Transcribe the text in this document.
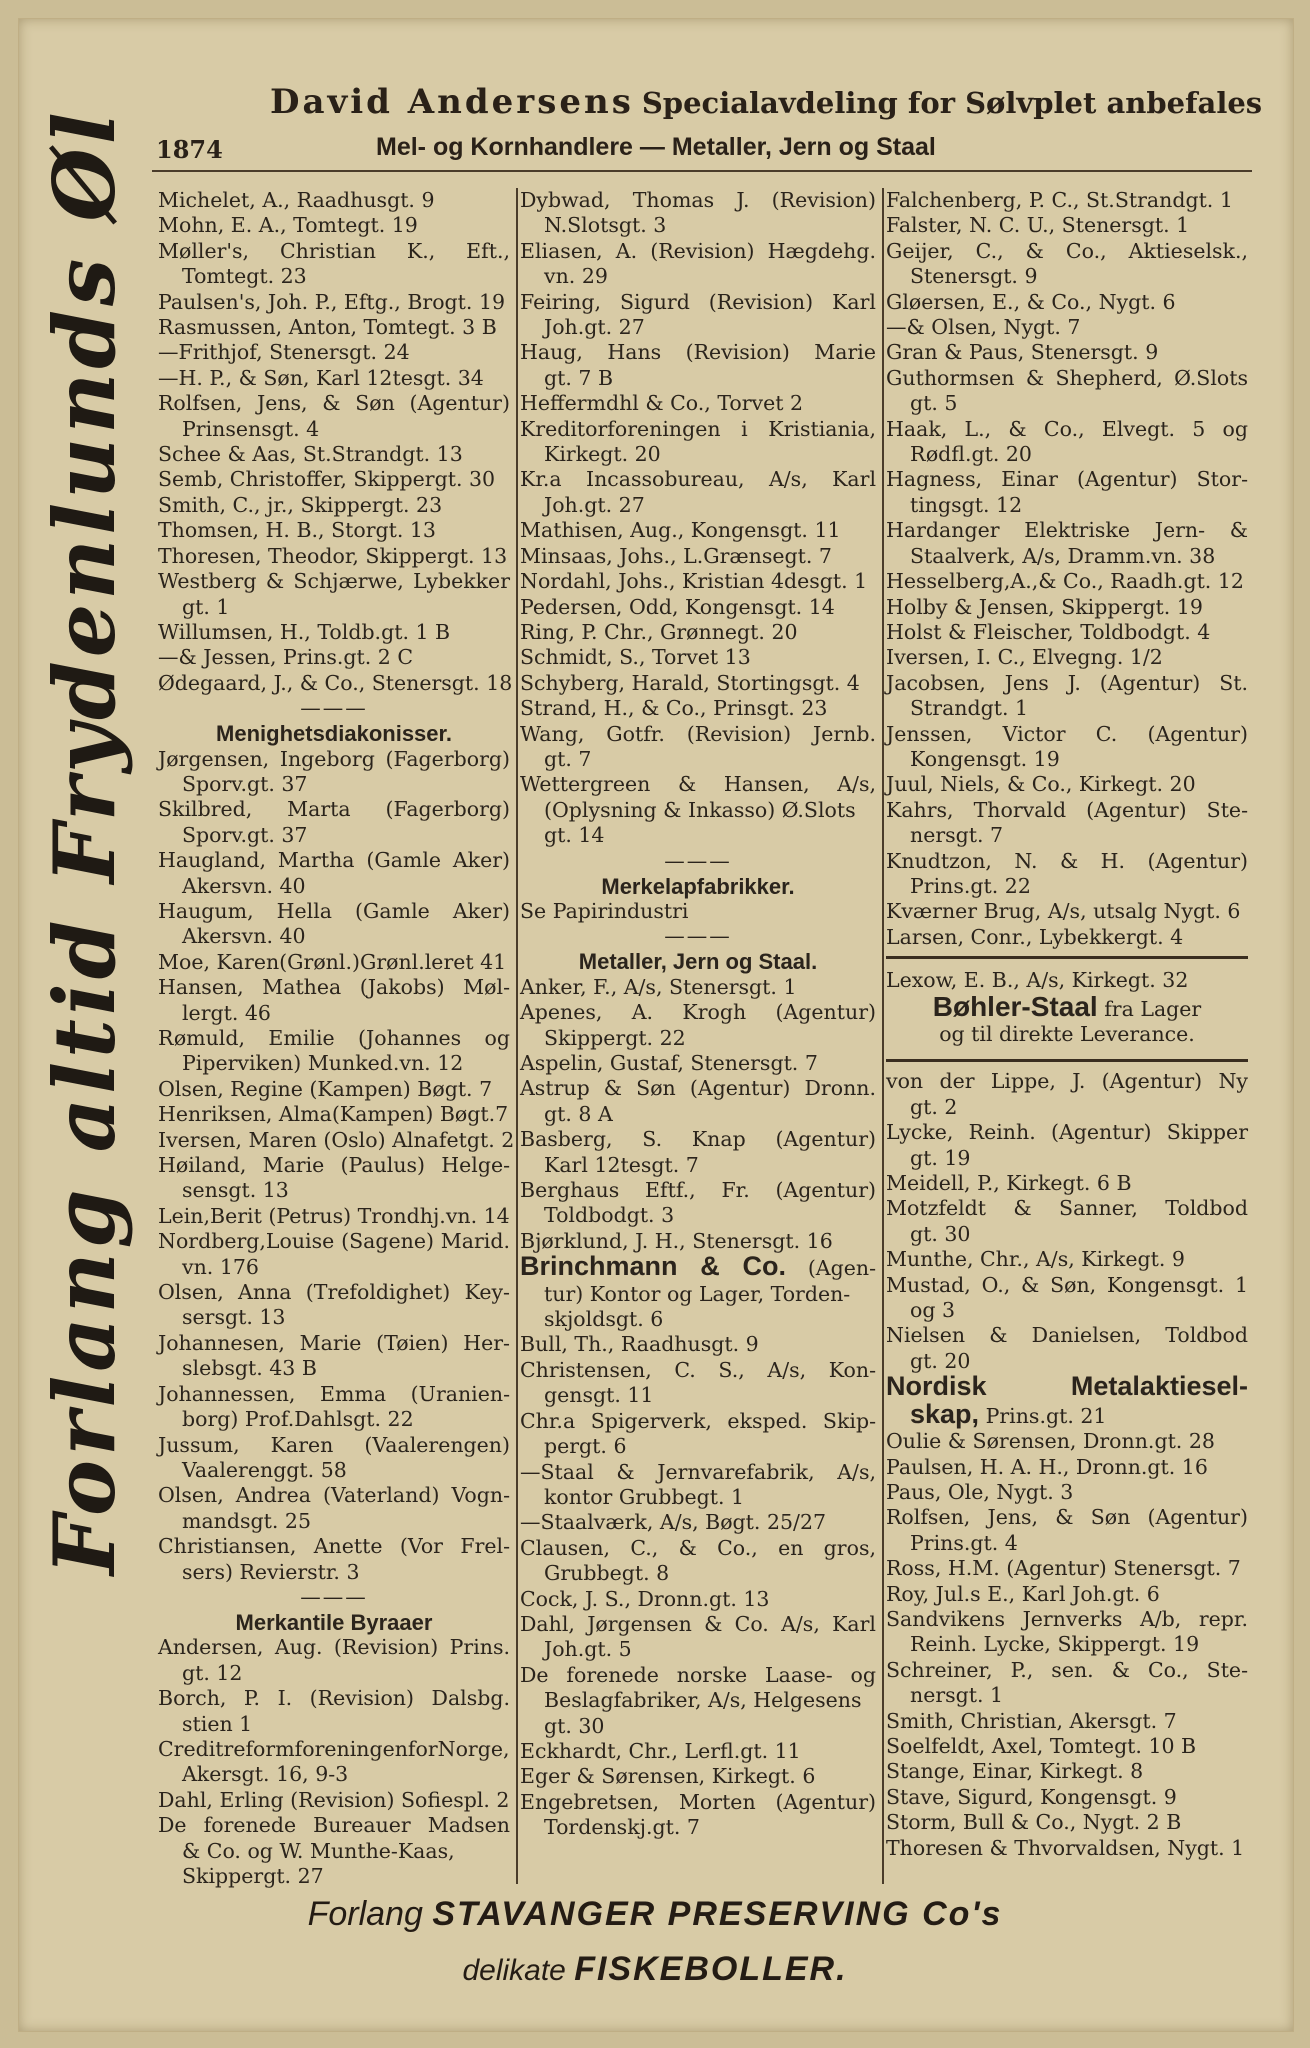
David Andersens Specialavdeling for Sølvplet anbefales
1874	Mel- og Kornhandlere — Metaller, Jern og Staal
Forlang altid Frydenlunds Øl Michelet, A., Raadhusgt. 9
Mohn, E. A., Tomtegt. 19
Møller's, Christian K., Eft.,
Tomtegt. 23
Paulsen's, Joh. P., Eftg., Brogt. 19
Rasmussen, Anton, Tomtegt. 3 B
—Frithjof, Stenersgt. 24
—H. P., & Søn, Karl 12tesgt. 34
Rolfsen, Jens, & Søn (Agentur)
Prinsensgt. 4
Schee & Aas, St.Strandgt. 13
Semb, Christoffer, Skippergt. 30
Smith, C., jr., Skippergt. 23
Thomsen, H. B., Storgt. 13
Thoresen, Theodor, Skippergt. 13
Westberg & Schjærwe, Lybekker
gt. 1
Willumsen, H., Toldb.gt. 1 B
—& Jessen, Prins.gt. 2 C
Ødegaard, J., & Co., Stenersgt. 18
———
Menighetsdiakonisser.
Jørgensen, Ingeborg (Fagerborg)
Sporv.gt. 37
Skilbred, Marta (Fagerborg)
Sporv.gt. 37
Haugland, Martha (Gamle Aker)
Akersvn. 40
Haugum, Hella (Gamle Aker)
Akersvn. 40
Moe, Karen(Grønl.)Grønl.leret 41
Hansen, Mathea (Jakobs) Møl-
lergt. 46
Rømuld, Emilie (Johannes og
Piperviken) Munked.vn. 12
Olsen, Regine (Kampen) Bøgt. 7
Henriksen, Alma(Kampen) Bøgt.7
Iversen, Maren (Oslo) Alnafetgt. 2
Høiland, Marie (Paulus) Helge-
sensgt. 13
Lein,Berit (Petrus) Trondhj.vn. 14
Nordberg,Louise (Sagene) Marid.
vn. 176
Olsen, Anna (Trefoldighet) Key-
sersgt. 13
Johannesen, Marie (Tøien) Her-
slebsgt. 43 B
Johannessen, Emma (Uranien-
borg) Prof.Dahlsgt. 22
Jussum, Karen (Vaalerengen)
Vaalerenggt. 58
Olsen, Andrea (Vaterland) Vogn-
mandsgt. 25
Christiansen, Anette (Vor Frel-
sers) Revierstr. 3
———
Merkantile Byraaer
Andersen, Aug. (Revision) Prins.
gt. 12
Borch, P. I. (Revision) Dalsbg.
stien 1
CreditreformforeningenforNorge,
Akersgt. 16, 9-3
Dahl, Erling (Revision) Sofiespl. 2
De forenede Bureauer Madsen
& Co. og W. Munthe-Kaas,
Skippergt. 27
Dybwad, Thomas J. (Revision)
N.Slotsgt. 3
Eliasen, A. (Revision) Hægdehg.
vn. 29
Feiring, Sigurd (Revision) Karl
Joh.gt. 27
Haug, Hans (Revision) Marie
gt. 7 B
Heffermdhl & Co., Torvet 2
Kreditorforeningen i Kristiania,
Kirkegt. 20
Kr.a Incassobureau, A/s, Karl
Joh.gt. 27
Mathisen, Aug., Kongensgt. 11
Minsaas, Johs., L.Grænsegt. 7
Nordahl, Johs., Kristian 4desgt. 1
Pedersen, Odd, Kongensgt. 14
Ring, P. Chr., Grønnegt. 20
Schmidt, S., Torvet 13
Schyberg, Harald, Stortingsgt. 4
Strand, H., & Co., Prinsgt. 23
Wang, Gotfr. (Revision) Jernb.
gt. 7
Wettergreen & Hansen, A/s,
(Oplysning & Inkasso) Ø.Slots
gt. 14
———
Merkelapfabrikker.
Se Papirindustri
———
Metaller, Jern og Staal.
Anker, F., A/s, Stenersgt. 1
Apenes, A. Krogh (Agentur)
Skippergt. 22
Aspelin, Gustaf, Stenersgt. 7
Astrup & Søn (Agentur) Dronn.
gt. 8 A
Basberg, S. Knap (Agentur)
Karl 12tesgt. 7
Berghaus Eftf., Fr. (Agentur)
Toldbodgt. 3
Bjørklund, J. H., Stenersgt. 16
Brinchmann & Co. (Agen-
tur) Kontor og Lager, Torden-
skjoldsgt. 6
Bull, Th., Raadhusgt. 9
Christensen, C. S., A/s, Kon-
gensgt. 11
Chr.a Spigerverk, eksped. Skip-
pergt. 6
—Staal & Jernvarefabrik, A/s,
kontor Grubbegt. 1
—Staalværk, A/s, Bøgt. 25/27
Clausen, C., & Co., en gros,
Grubbegt. 8
Cock, J. S., Dronn.gt. 13
Dahl, Jørgensen & Co. A/s, Karl
Joh.gt. 5
De forenede norske Laase- og
Beslagfabriker, A/s, Helgesens
gt. 30
Eckhardt, Chr., Lerfl.gt. 11
Eger & Sørensen, Kirkegt. 6
Engebretsen, Morten (Agentur)
Tordenskj.gt. 7
Falchenberg, P. C., St.Strandgt. 1
Falster, N. C. U., Stenersgt. 1
Geijer, C., & Co., Aktieselsk.,
Stenersgt. 9
Gløersen, E., & Co., Nygt. 6
—& Olsen, Nygt. 7
Gran & Paus, Stenersgt. 9
Guthormsen & Shepherd, Ø.Slots
gt. 5
Haak, L., & Co., Elvegt. 5 og
Rødfl.gt. 20
Hagness, Einar (Agentur) Stor-
tingsgt. 12
Hardanger Elektriske Jern- &
Staalverk, A/s, Dramm.vn. 38
Hesselberg,A.,& Co., Raadh.gt. 12
Holby & Jensen, Skippergt. 19
Holst & Fleischer, Toldbodgt. 4
Iversen, I. C., Elvegng. 1/2
Jacobsen, Jens J. (Agentur) St.
Strandgt. 1
Jenssen, Victor C. (Agentur)
Kongensgt. 19
Juul, Niels, & Co., Kirkegt. 20
Kahrs, Thorvald (Agentur) Ste-
nersgt. 7
Knudtzon, N. & H. (Agentur)
Prins.gt. 22
Kværner Brug, A/s, utsalg Nygt. 6
Larsen, Conr., Lybekkergt. 4
Lexow, E. B., A/s, Kirkegt. 32
Bøhler-Staal fra Lager
og til direkte Leverance.
von der Lippe, J. (Agentur) Ny
gt. 2
Lycke, Reinh. (Agentur) Skipper
gt. 19
Meidell, P., Kirkegt. 6 B
Motzfeldt & Sanner, Toldbod
gt. 30
Munthe, Chr., A/s, Kirkegt. 9
Mustad, O., & Søn, Kongensgt. 1
og 3
Nielsen & Danielsen, Toldbod
gt. 20
Nordisk Metalaktiesel-
skap, Prins.gt. 21
Oulie & Sørensen, Dronn.gt. 28
Paulsen, H. A. H., Dronn.gt. 16
Paus, Ole, Nygt. 3
Rolfsen, Jens, & Søn (Agentur)
Prins.gt. 4
Ross, H.M. (Agentur) Stenersgt. 7
Roy, Jul.s E., Karl Joh.gt. 6
Sandvikens Jernverks A/b, repr.
Reinh. Lycke, Skippergt. 19
Schreiner, P., sen. & Co., Ste-
nersgt. 1
Smith, Christian, Akersgt. 7
Soelfeldt, Axel, Tomtegt. 10 B
Stange, Einar, Kirkegt. 8
Stave, Sigurd, Kongensgt. 9
Storm, Bull & Co., Nygt. 2 B
Thoresen & Thvorvaldsen, Nygt. 1
Forlang STAVANGER PRESERVING Co's
delikate FISKEBOLLER.
